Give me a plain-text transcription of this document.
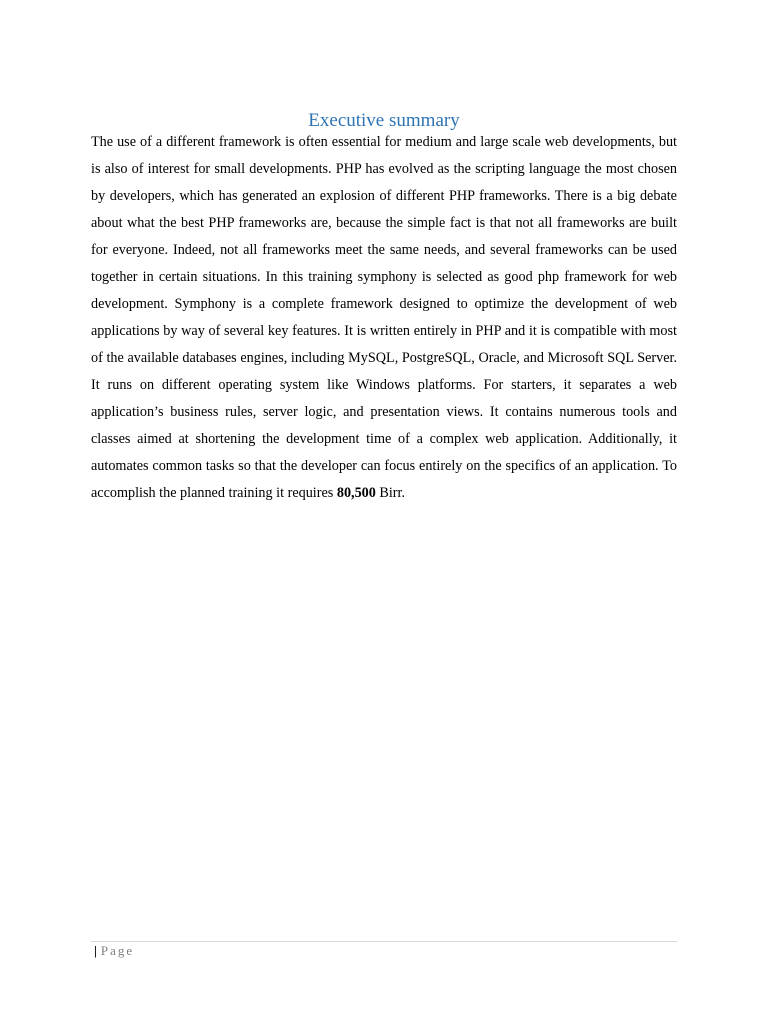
Executive summary

The use of a different framework is often essential for medium and large scale web developments, but is also of interest for small developments. PHP has evolved as the scripting language the most chosen by developers, which has generated an explosion of different PHP frameworks. There is a big debate about what the best PHP frameworks are, because the simple fact is that not all frameworks are built for everyone. Indeed, not all frameworks meet the same needs, and several frameworks can be used together in certain situations. In this training symphony is selected as good php framework for web development. Symphony is a complete framework designed to optimize the development of web applications by way of several key features. It is written entirely in PHP and it is compatible with most of the available databases engines, including MySQL, PostgreSQL, Oracle, and Microsoft SQL Server. It runs on different operating system like Windows platforms. For starters, it separates a web application’s business rules, server logic, and presentation views. It contains numerous tools and classes aimed at shortening the development time of a complex web application. Additionally, it automates common tasks so that the developer can focus entirely on the specifics of an application. To accomplish the planned training it requires 80,500 Birr.

| Page
